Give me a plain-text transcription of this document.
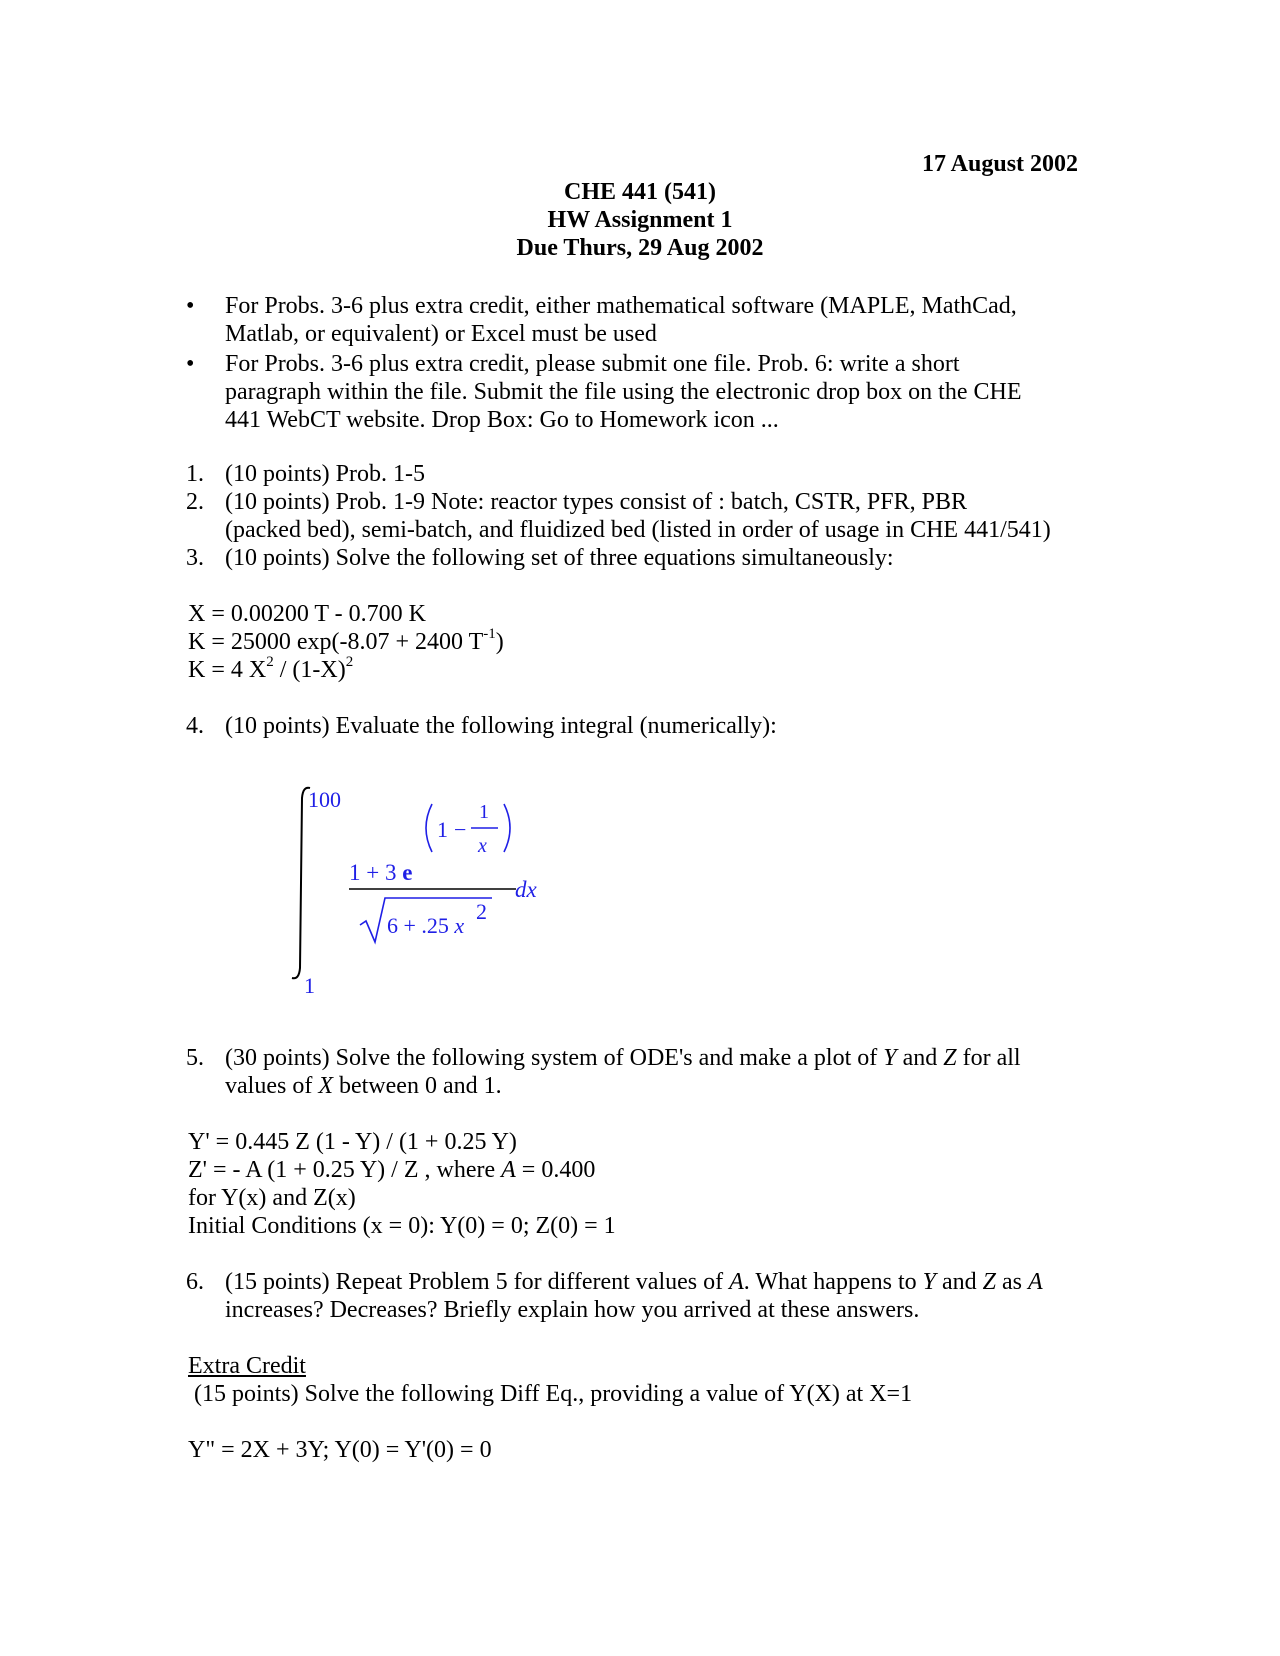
17 August 2002
CHE 441 (541)
HW Assignment 1
Due Thurs, 29 Aug 2002
• For Probs. 3-6 plus extra credit, either mathematical software (MAPLE, MathCad,
Matlab, or equivalent) or Excel must be used
• For Probs. 3-6 plus extra credit, please submit one file. Prob. 6: write a short
paragraph within the file. Submit the file using the electronic drop box on the CHE
441 WebCT website. Drop Box: Go to Homework icon ...
1. (10 points) Prob. 1-5
2. (10 points) Prob. 1-9 Note: reactor types consist of : batch, CSTR, PFR, PBR
(packed bed), semi-batch, and fluidized bed (listed in order of usage in CHE 441/541)
3. (10 points) Solve the following set of three equations simultaneously:
X = 0.00200 T - 0.700 K
K = 25000 exp(-8.07 + 2400 $T^{-1}$)
K = 4 $X^2 / (1-X)^2$
4. (10 points) Evaluate the following integral (numerically):
100
1
1 + 3 e
1 −
1
x
6 + .25 x
2
dx
5. (30 points) Solve the following system of ODE's and make a plot of Y and Z for all
values of X between 0 and 1.
Y' = 0.445 Z (1 - Y) / (1 + 0.25 Y)
Z' = - A (1 + 0.25 Y) / Z , where A = 0.400
for Y(x) and Z(x)
Initial Conditions (x = 0): Y(0) = 0; Z(0) = 1
6. (15 points) Repeat Problem 5 for different values of A. What happens to Y and Z as A
increases? Decreases? Briefly explain how you arrived at these answers.
Extra Credit
(15 points) Solve the following Diff Eq., providing a value of Y(X) at X=1
Y" = 2X + 3Y; Y(0) = Y'(0) = 0
